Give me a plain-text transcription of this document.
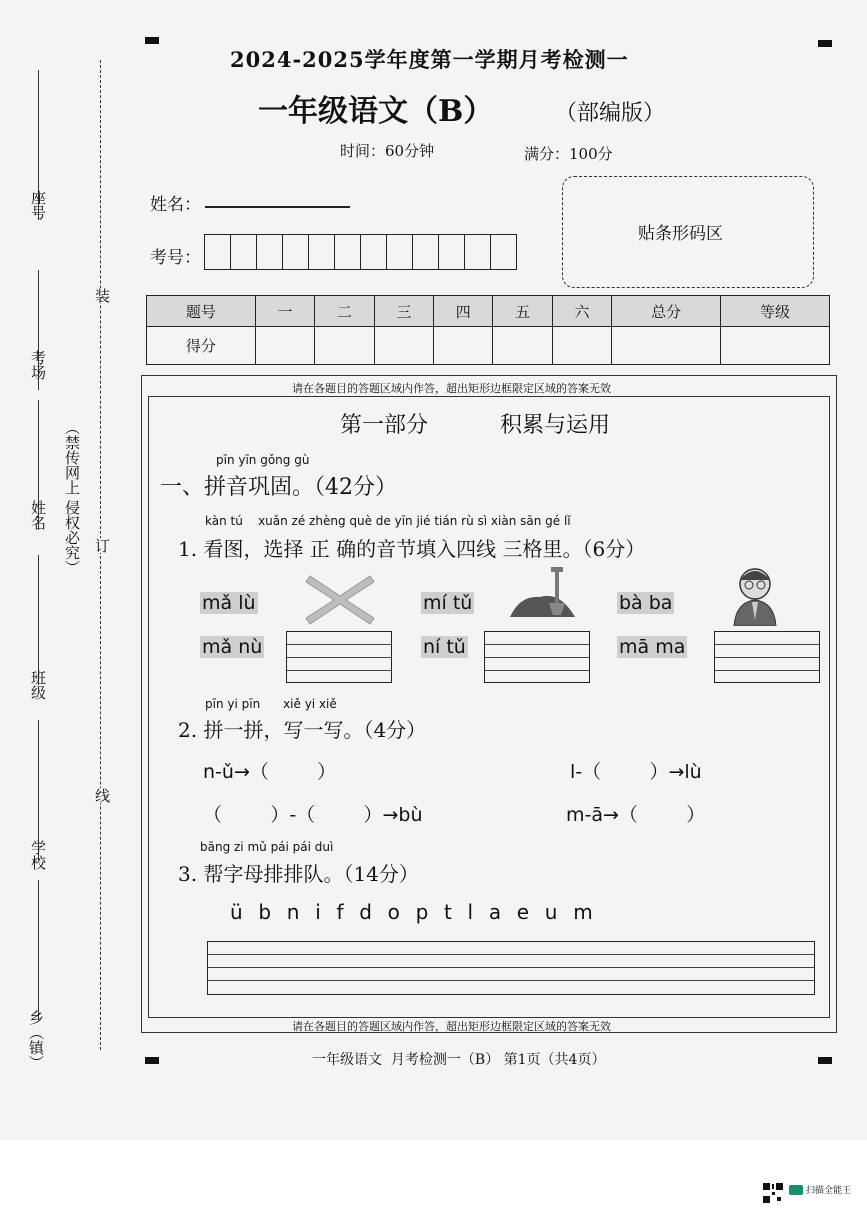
座号
考场
姓名
班级
学校
乡（镇）
（禁传网上 侵权必究）
装
订
线
2024-2025学年度第一学期月考检测一
一年级语文（B）	（部编版）
时间：60分钟	满分：100分
姓名：
考号：
贴条形码区
题号	一	二	三	四	五	六	总分	等级
得分								
请在各题目的答题区域内作答，超出矩形边框限定区域的答案无效
请在各题目的答题区域内作答，超出矩形边框限定区域的答案无效
第一部分	积累与运用
pīn yīn gǒng gù
一、拼音巩固。（42分）
kàn tú    xuǎn zé zhèng què de yīn jié tián rù sì xiàn sān gé lǐ
1. 看图，选择 正 确的音节填入四线 三格里。（6分）
mǎ lù
mǎ nù
mí tǔ
ní tǔ
bà ba
mā ma
pīn yi pīn      xiě yi xiě
2. 拼一拼，写一写。（4分）
n-ǔ→（        ）	l-（        ）→lù
（        ）-（        ）→bù	m-ā→（        ）
bāng zi mǔ pái pái duì
3. 帮字母排排队。（14分）
ü  b  n  i  f  d  o  p  t  l  a  e  u  m
一年级语文  月考检测一（B） 第1页（共4页）
扫描全能王
